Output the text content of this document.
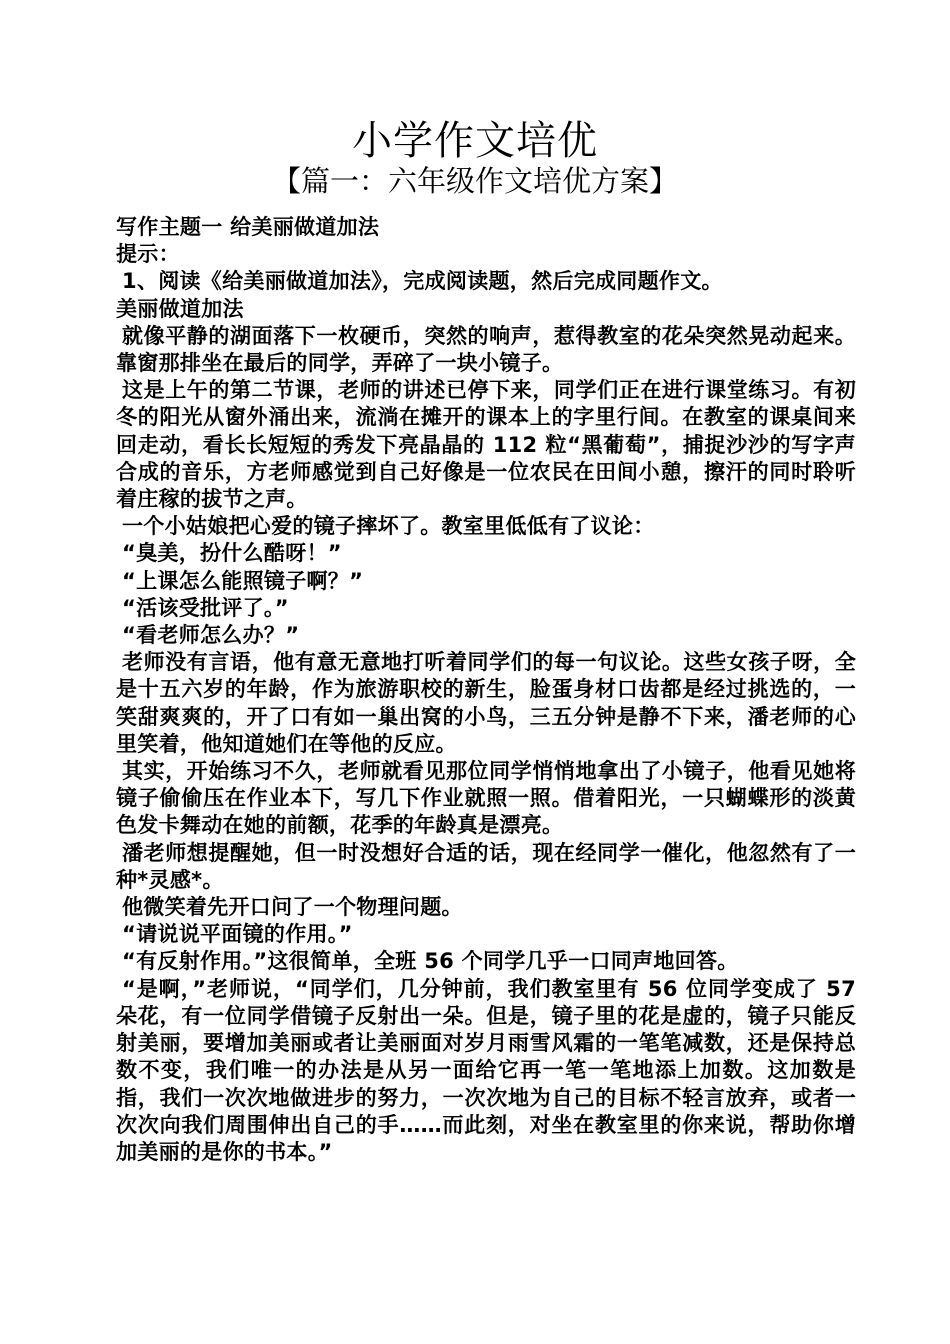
小学作文培优
【篇一：六年级作文培优方案】

写作主题一 给美丽做道加法

提示：

1、阅读《给美丽做道加法》，完成阅读题，然后完成同题作文。

美丽做道加法

就像平静的湖面落下一枚硬币，突然的响声，惹得教室的花朵突然晃动起来。 靠窗那排坐在最后的同学，弄碎了一块小镜子。

这是上午的第二节课，老师的讲述已停下来，同学们正在进行课堂练习。有初冬的阳光从窗外涌出来，流淌在摊开的课本上的字里行间。在教室的课桌间来回走动，看长长短短的秀发下亮晶晶的 112 粒“黑葡萄”，捕捉沙沙的写字声合成的音乐，方老师感觉到自己好像是一位农民在田间小憩，擦汗的同时聆听着庄稼的拔节之声。

一个小姑娘把心爱的镜子摔坏了。教室里低低有了议论：

“臭美，扮什么酷呀！”

“上课怎么能照镜子啊？”

“活该受批评了。”

“看老师怎么办？”

老师没有言语，他有意无意地打听着同学们的每一句议论。这些女孩子呀，全是十五六岁的年龄，作为旅游职校的新生，脸蛋身材口齿都是经过挑选的，一笑甜爽爽的，开了口有如一巢出窝的小鸟，三五分钟是静不下来，潘老师的心里笑着，他知道她们在等他的反应。

其实，开始练习不久，老师就看见那位同学悄悄地拿出了小镜子，他看见她将镜子偷偷压在作业本下，写几下作业就照一照。借着阳光，一只蝴蝶形的淡黄色发卡舞动在她的前额，花季的年龄真是漂亮。

潘老师想提醒她，但一时没想好合适的话，现在经同学一催化，他忽然有了一种*灵感*。

他微笑着先开口问了一个物理问题。

“请说说平面镜的作用。”

“有反射作用。”这很简单，全班 56 个同学几乎一口同声地回答。

“是啊，”老师说，“同学们，几分钟前，我们教室里有 56 位同学变成了 57 朵花，有一位同学借镜子反射出一朵。但是，镜子里的花是虚的，镜子只能反射美丽，要增加美丽或者让美丽面对岁月雨雪风霜的一笔笔减数，还是保持总数不变，我们唯一的办法是从另一面给它再一笔一笔地添上加数。这加数是指，我们一次次地做进步的努力，一次次地为自己的目标不轻言放弃，或者一次次向我们周围伸出自己的手……而此刻，对坐在教室里的你来说，帮助你增加美丽的是你的书本。”
